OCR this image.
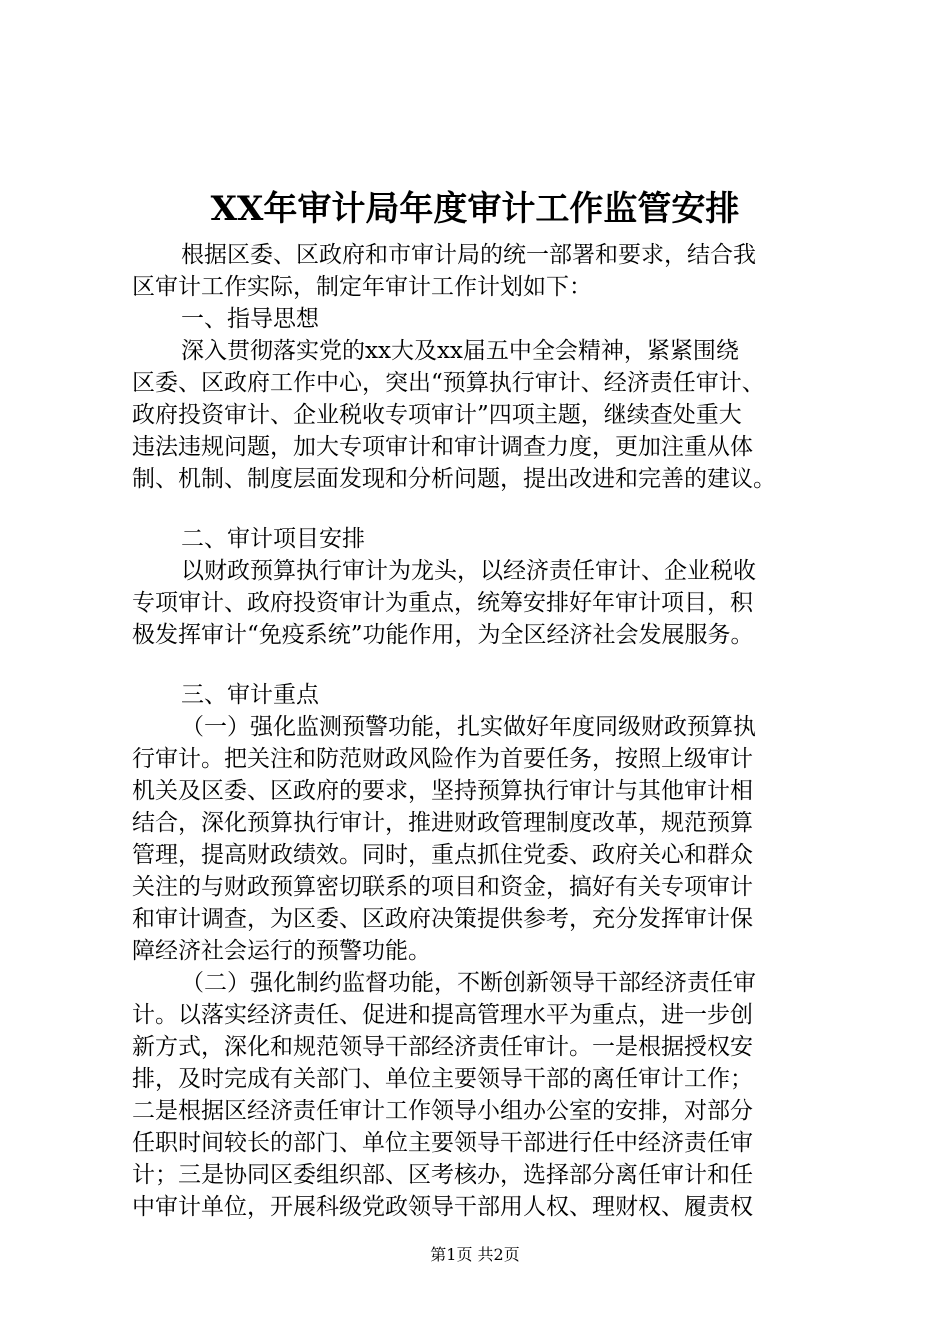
XX年审计局年度审计工作监管安排
根据区委、区政府和市审计局的统一部署和要求，结合我
区审计工作实际，制定年审计工作计划如下：
一、指导思想
深入贯彻落实党的xx大及xx届五中全会精神，紧紧围绕
区委、区政府工作中心，突出“预算执行审计、经济责任审计、
政府投资审计、企业税收专项审计”四项主题，继续查处重大
违法违规问题，加大专项审计和审计调查力度，更加注重从体
制、机制、制度层面发现和分析问题，提出改进和完善的建议。
二、审计项目安排
以财政预算执行审计为龙头，以经济责任审计、企业税收
专项审计、政府投资审计为重点，统筹安排好年审计项目，积
极发挥审计“免疫系统”功能作用，为全区经济社会发展服务。
三、审计重点
（一）强化监测预警功能，扎实做好年度同级财政预算执
行审计。把关注和防范财政风险作为首要任务，按照上级审计
机关及区委、区政府的要求，坚持预算执行审计与其他审计相
结合，深化预算执行审计，推进财政管理制度改革，规范预算
管理，提高财政绩效。同时，重点抓住党委、政府关心和群众
关注的与财政预算密切联系的项目和资金，搞好有关专项审计
和审计调查，为区委、区政府决策提供参考，充分发挥审计保
障经济社会运行的预警功能。
（二）强化制约监督功能，不断创新领导干部经济责任审
计。以落实经济责任、促进和提高管理水平为重点，进一步创
新方式，深化和规范领导干部经济责任审计。一是根据授权安
排，及时完成有关部门、单位主要领导干部的离任审计工作；
二是根据区经济责任审计工作领导小组办公室的安排，对部分
任职时间较长的部门、单位主要领导干部进行任中经济责任审
计；三是协同区委组织部、区考核办，选择部分离任审计和任
中审计单位，开展科级党政领导干部用人权、理财权、履责权
第1页 共2页
